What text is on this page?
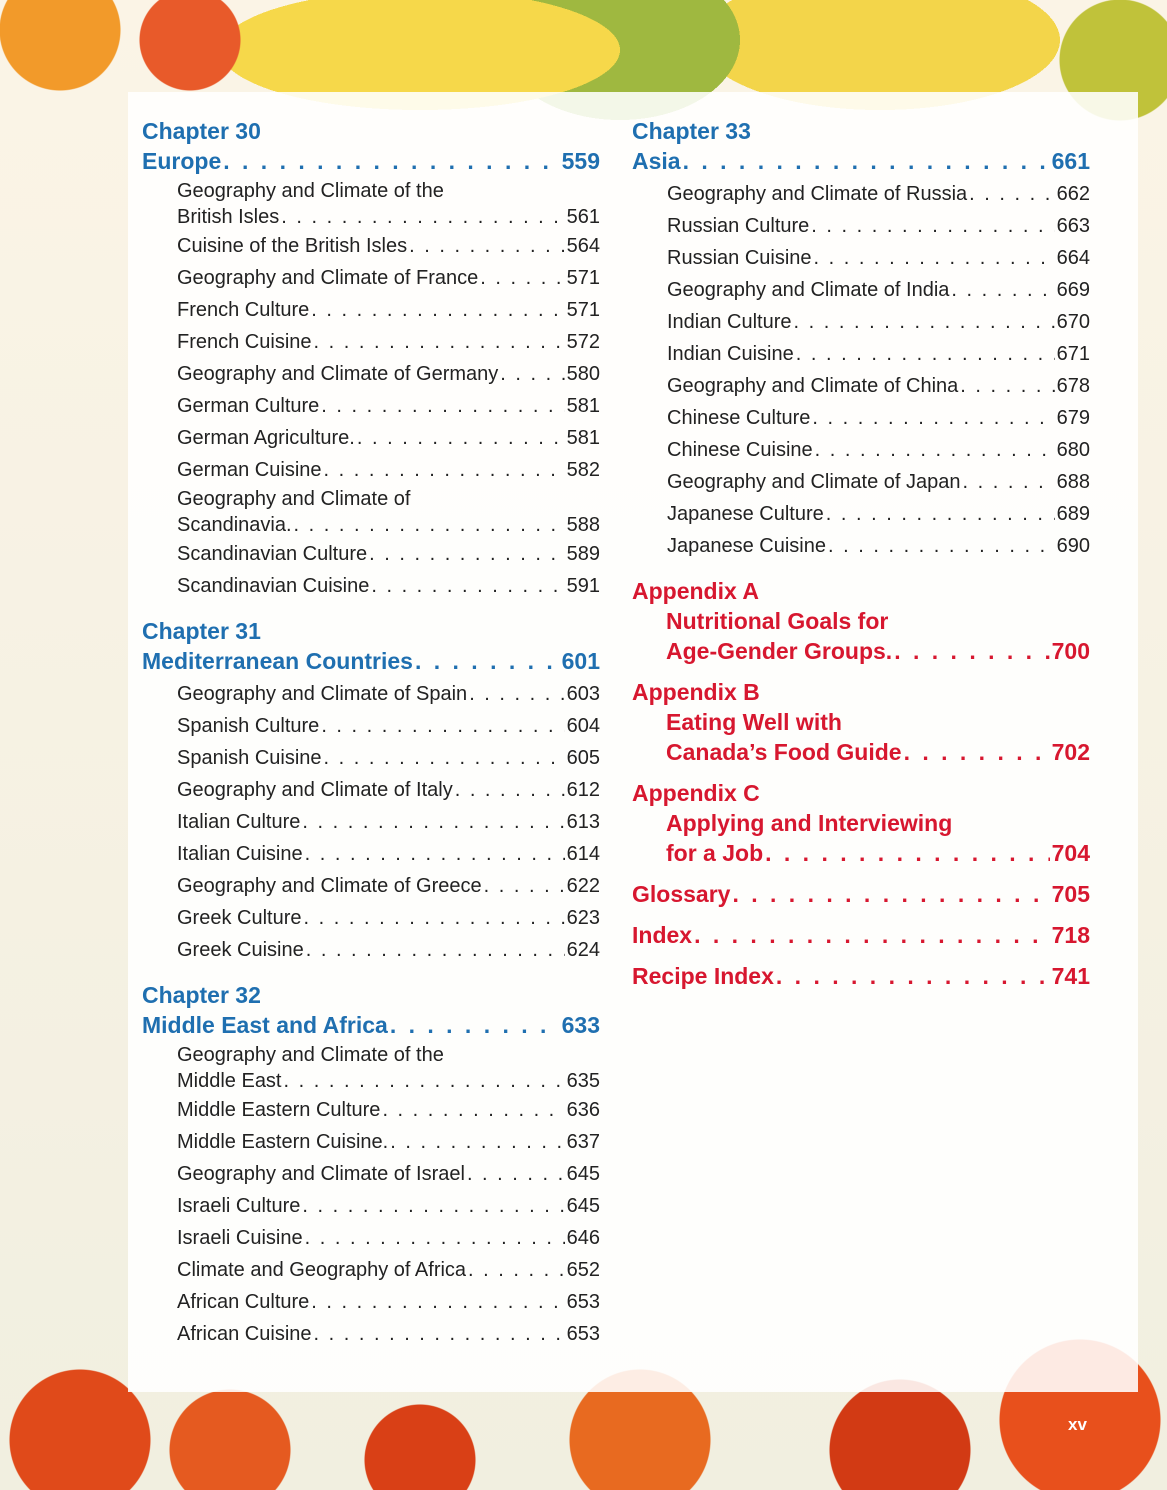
Chapter 30
Europe . . .	559
Geography and Climate of the
British Isles . . .	561
Cuisine of the British Isles . . .	564
Geography and Climate of France . . .	571
French Culture . . .	571
French Cuisine . . .	572
Geography and Climate of Germany . . .	580
German Culture . . .	581
German Agriculture. . . .	581
German Cuisine . . .	582
Geography and Climate of
Scandinavia. . . .	588
Scandinavian Culture . . .	589
Scandinavian Cuisine . . .	591
Chapter 31
Mediterranean Countries . . .	601
Geography and Climate of Spain . . .	603
Spanish Culture . . .	604
Spanish Cuisine . . .	605
Geography and Climate of Italy . . .	612
Italian Culture . . .	613
Italian Cuisine . . .	614
Geography and Climate of Greece . . .	622
Greek Culture . . .	623
Greek Cuisine . . .	624
Chapter 32
Middle East and Africa . . .	633
Geography and Climate of the
Middle East . . .	635
Middle Eastern Culture . . .	636
Middle Eastern Cuisine. . . .	637
Geography and Climate of Israel . . .	645
Israeli Culture . . .	645
Israeli Cuisine . . .	646
Climate and Geography of Africa . . .	652
African Culture . . .	653
African Cuisine . . .	653
Chapter 33
Asia . . .	661
Geography and Climate of Russia . . .	662
Russian Culture . . .	663
Russian Cuisine . . .	664
Geography and Climate of India . . .	669
Indian Culture . . .	670
Indian Cuisine . . .	671
Geography and Climate of China . . .	678
Chinese Culture . . .	679
Chinese Cuisine . . .	680
Geography and Climate of Japan . . .	688
Japanese Culture . . .	689
Japanese Cuisine . . .	690
Appendix A
Nutritional Goals for
Age-Gender Groups. . . .	700
Appendix B
Eating Well with
Canada’s Food Guide . . .	702
Appendix C
Applying and Interviewing
for a Job . . .	704
Glossary . . .	705
Index . . .	718
Recipe Index . . .	741
xv
